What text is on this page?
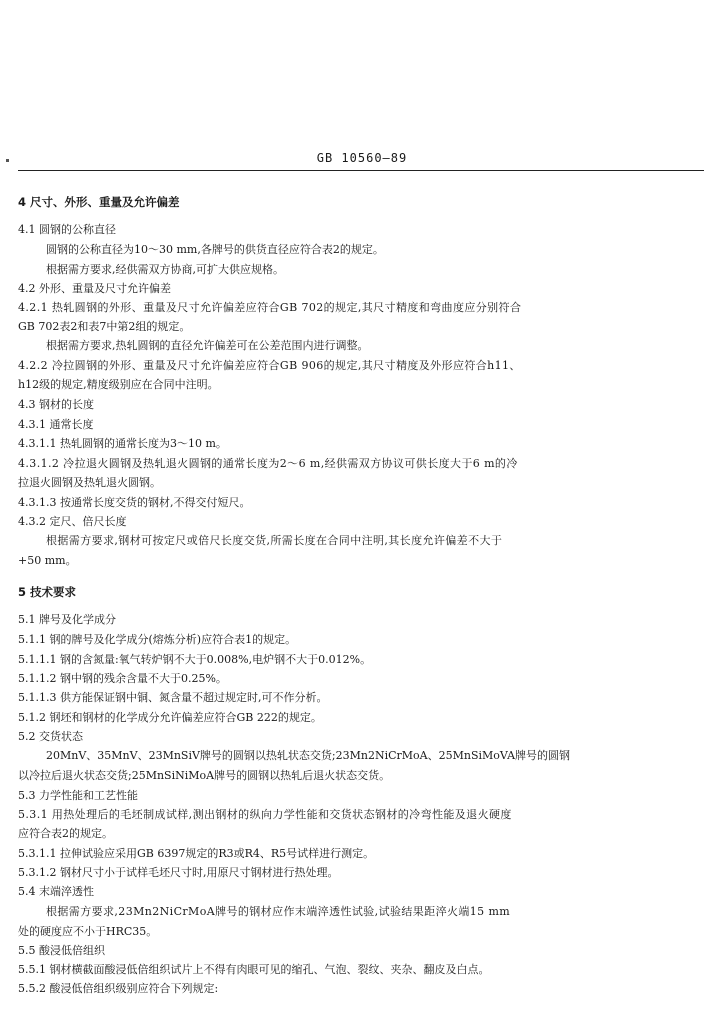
GB 10560—89
4 尺寸、外形、重量及允许偏差
4.1 圆钢的公称直径
圆钢的公称直径为10～30 mm,各牌号的供货直径应符合表2的规定。
根据需方要求,经供需双方协商,可扩大供应规格。
4.2 外形、重量及尺寸允许偏差
4.2.1 热轧圆钢的外形、重量及尺寸允许偏差应符合GB 702的规定,其尺寸精度和弯曲度应分别符合
GB 702表2和表7中第2组的规定。
根据需方要求,热轧圆钢的直径允许偏差可在公差范围内进行调整。
4.2.2 冷拉圆钢的外形、重量及尺寸允许偏差应符合GB 906的规定,其尺寸精度及外形应符合h11、
h12级的规定,精度级别应在合同中注明。
4.3 钢材的长度
4.3.1 通常长度
4.3.1.1 热轧圆钢的通常长度为3～10 m。
4.3.1.2 冷拉退火圆钢及热轧退火圆钢的通常长度为2～6 m,经供需双方协议可供长度大于6 m的冷
拉退火圆钢及热轧退火圆钢。
4.3.1.3 按通常长度交货的钢材,不得交付短尺。
4.3.2 定尺、倍尺长度
根据需方要求,钢材可按定尺或倍尺长度交货,所需长度在合同中注明,其长度允许偏差不大于
+50 mm。
5 技术要求
5.1 牌号及化学成分
5.1.1 钢的牌号及化学成分(熔炼分析)应符合表1的规定。
5.1.1.1 钢的含氮量:氧气转炉钢不大于0.008%,电炉钢不大于0.012%。
5.1.1.2 钢中钢的残余含量不大于0.25%。
5.1.1.3 供方能保证钢中铜、氮含量不超过规定时,可不作分析。
5.1.2 钢坯和钢材的化学成分允许偏差应符合GB 222的规定。
5.2 交货状态
20MnV、35MnV、23MnSiV牌号的圆钢以热轧状态交货;23Mn2NiCrMoA、25MnSiMoVA牌号的圆钢
以冷拉后退火状态交货;25MnSiNiMoA牌号的圆钢以热轧后退火状态交货。
5.3 力学性能和工艺性能
5.3.1 用热处理后的毛坯制成试样,测出钢材的纵向力学性能和交货状态钢材的冷弯性能及退火硬度
应符合表2的规定。
5.3.1.1 拉伸试验应采用GB 6397规定的R3或R4、R5号试样进行测定。
5.3.1.2 钢材尺寸小于试样毛坯尺寸时,用原尺寸钢材进行热处理。
5.4 末端淬透性
根据需方要求,23Mn2NiCrMoA牌号的钢材应作末端淬透性试验,试验结果距淬火端15 mm
处的硬度应不小于HRC35。
5.5 酸浸低倍组织
5.5.1 钢材横截面酸浸低倍组织试片上不得有肉眼可见的缩孔、气泡、裂纹、夹杂、翻皮及白点。
5.5.2 酸浸低倍组织级别应符合下列规定:
